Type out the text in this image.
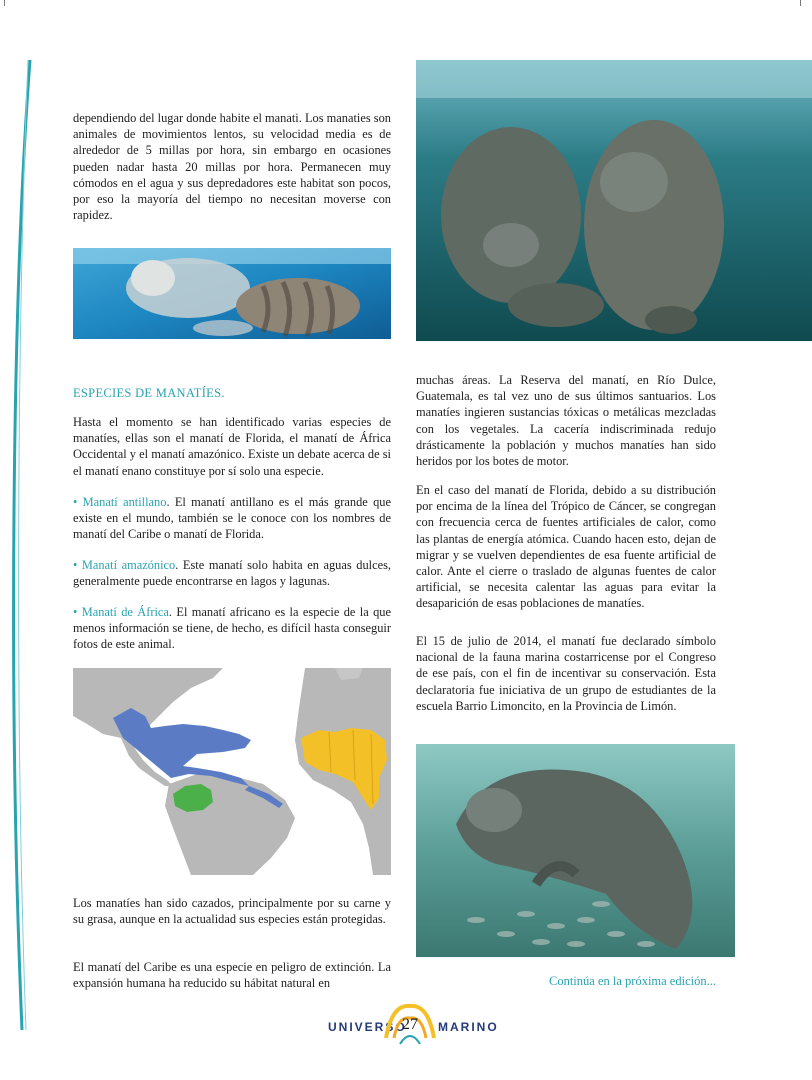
dependiendo del lugar donde habite el manati. Los manaties son animales de movimientos lentos, su velocidad media es de alrededor de 5 millas por hora, sin embargo en ocasiones pueden nadar hasta 20 millas por hora. Permanecen muy cómodos en el agua y sus depredadores este habitat son pocos, por eso la mayoría del tiempo no necesitan moverse con rapidez.

ESPECIES DE MANATÍES.

Hasta el momento se han identificado varias especies de manatíes, ellas son el manatí de Florida, el manatí de África Occidental y el manatí amazónico. Existe un debate acerca de si el manatí enano constituye por sí solo una especie.

• Manatí antillano. El manatí antillano es el más grande que existe en el mundo, también se le conoce con los nombres de manatí del Caribe o manatí de Florida.

• Manatí amazónico. Este manatí solo habita en aguas dulces, generalmente puede encontrarse en lagos y lagunas.

• Manatí de África. El manatí africano es la especie de la que menos información se tiene, de hecho, es difícil hasta conseguir fotos de este animal.

Los manatíes han sido cazados, principalmente por su carne y su grasa, aunque en la actualidad sus especies están protegidas.

El manatí del Caribe es una especie en peligro de extinción. La expansión humana ha reducido su hábitat natural en

muchas áreas. La Reserva del manatí, en Río Dulce, Guatemala, es tal vez uno de sus últimos santuarios. Los manatíes ingieren sustancias tóxicas o metálicas mezcladas con los vegetales. La cacería indiscriminada redujo drásticamente la población y muchos manatíes han sido heridos por los botes de motor.

En el caso del manatí de Florida, debido a su distribución por encima de la línea del Trópico de Cáncer, se congregan con frecuencia cerca de fuentes artificiales de calor, como las plantas de energía atómica. Cuando hacen esto, dejan de migrar y se vuelven dependientes de esa fuente artificial de calor. Ante el cierre o traslado de algunas fuentes de calor artificial, se necesita calentar las aguas para evitar la desaparición de esas poblaciones de manatíes.

El 15 de julio de 2014, el manatí fue declarado símbolo nacional de la fauna marina costarricense por el Congreso de ese país, con el fin de incentivar su conservación. Esta declaratoria fue iniciativa de un grupo de estudiantes de la escuela Barrio Limoncito, en la Provincia de Limón.

Continúa en la próxima edición...
UNIVERSO
27	MARINO
